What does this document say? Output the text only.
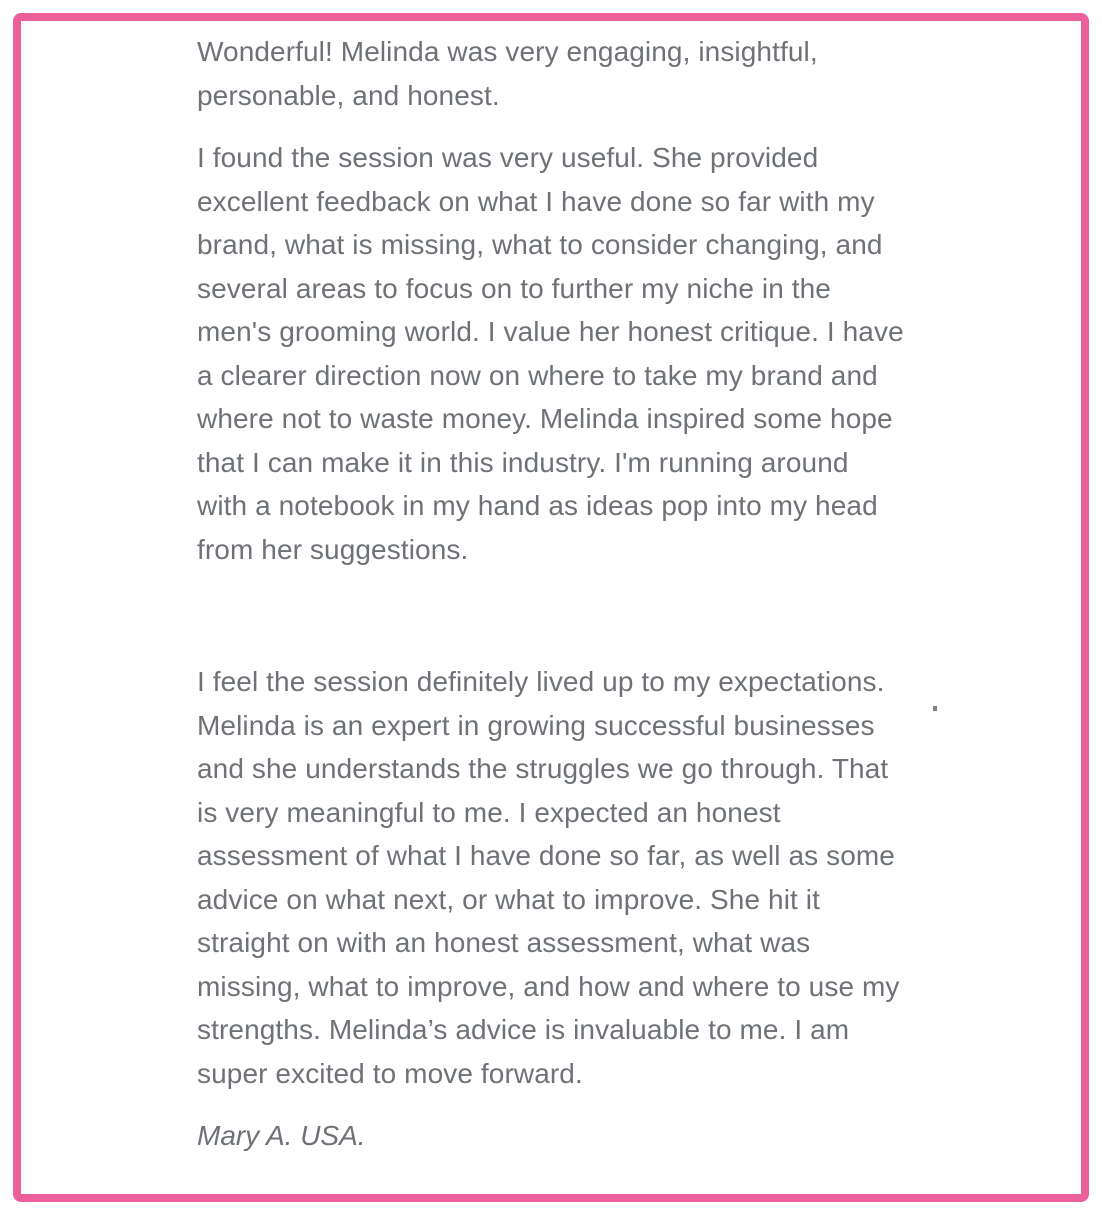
Wonderful! Melinda was very engaging, insightful, personable, and honest.

I found the session was very useful. She provided excellent feedback on what I have done so far with my brand, what is missing, what to consider changing, and several areas to focus on to further my niche in the men's grooming world. I value her honest critique. I have a clearer direction now on where to take my brand and where not to waste money. Melinda inspired some hope that I can make it in this industry. I'm running around with a notebook in my hand as ideas pop into my head from her suggestions.

I feel the session definitely lived up to my expectations. Melinda is an expert in growing successful businesses and she understands the struggles we go through. That is very meaningful to me. I expected an honest assessment of what I have done so far, as well as some advice on what next, or what to improve. She hit it straight on with an honest assessment, what was missing, what to improve, and how and where to use my strengths. Melinda’s advice is invaluable to me. I am super excited to move forward.

Mary A. USA.
